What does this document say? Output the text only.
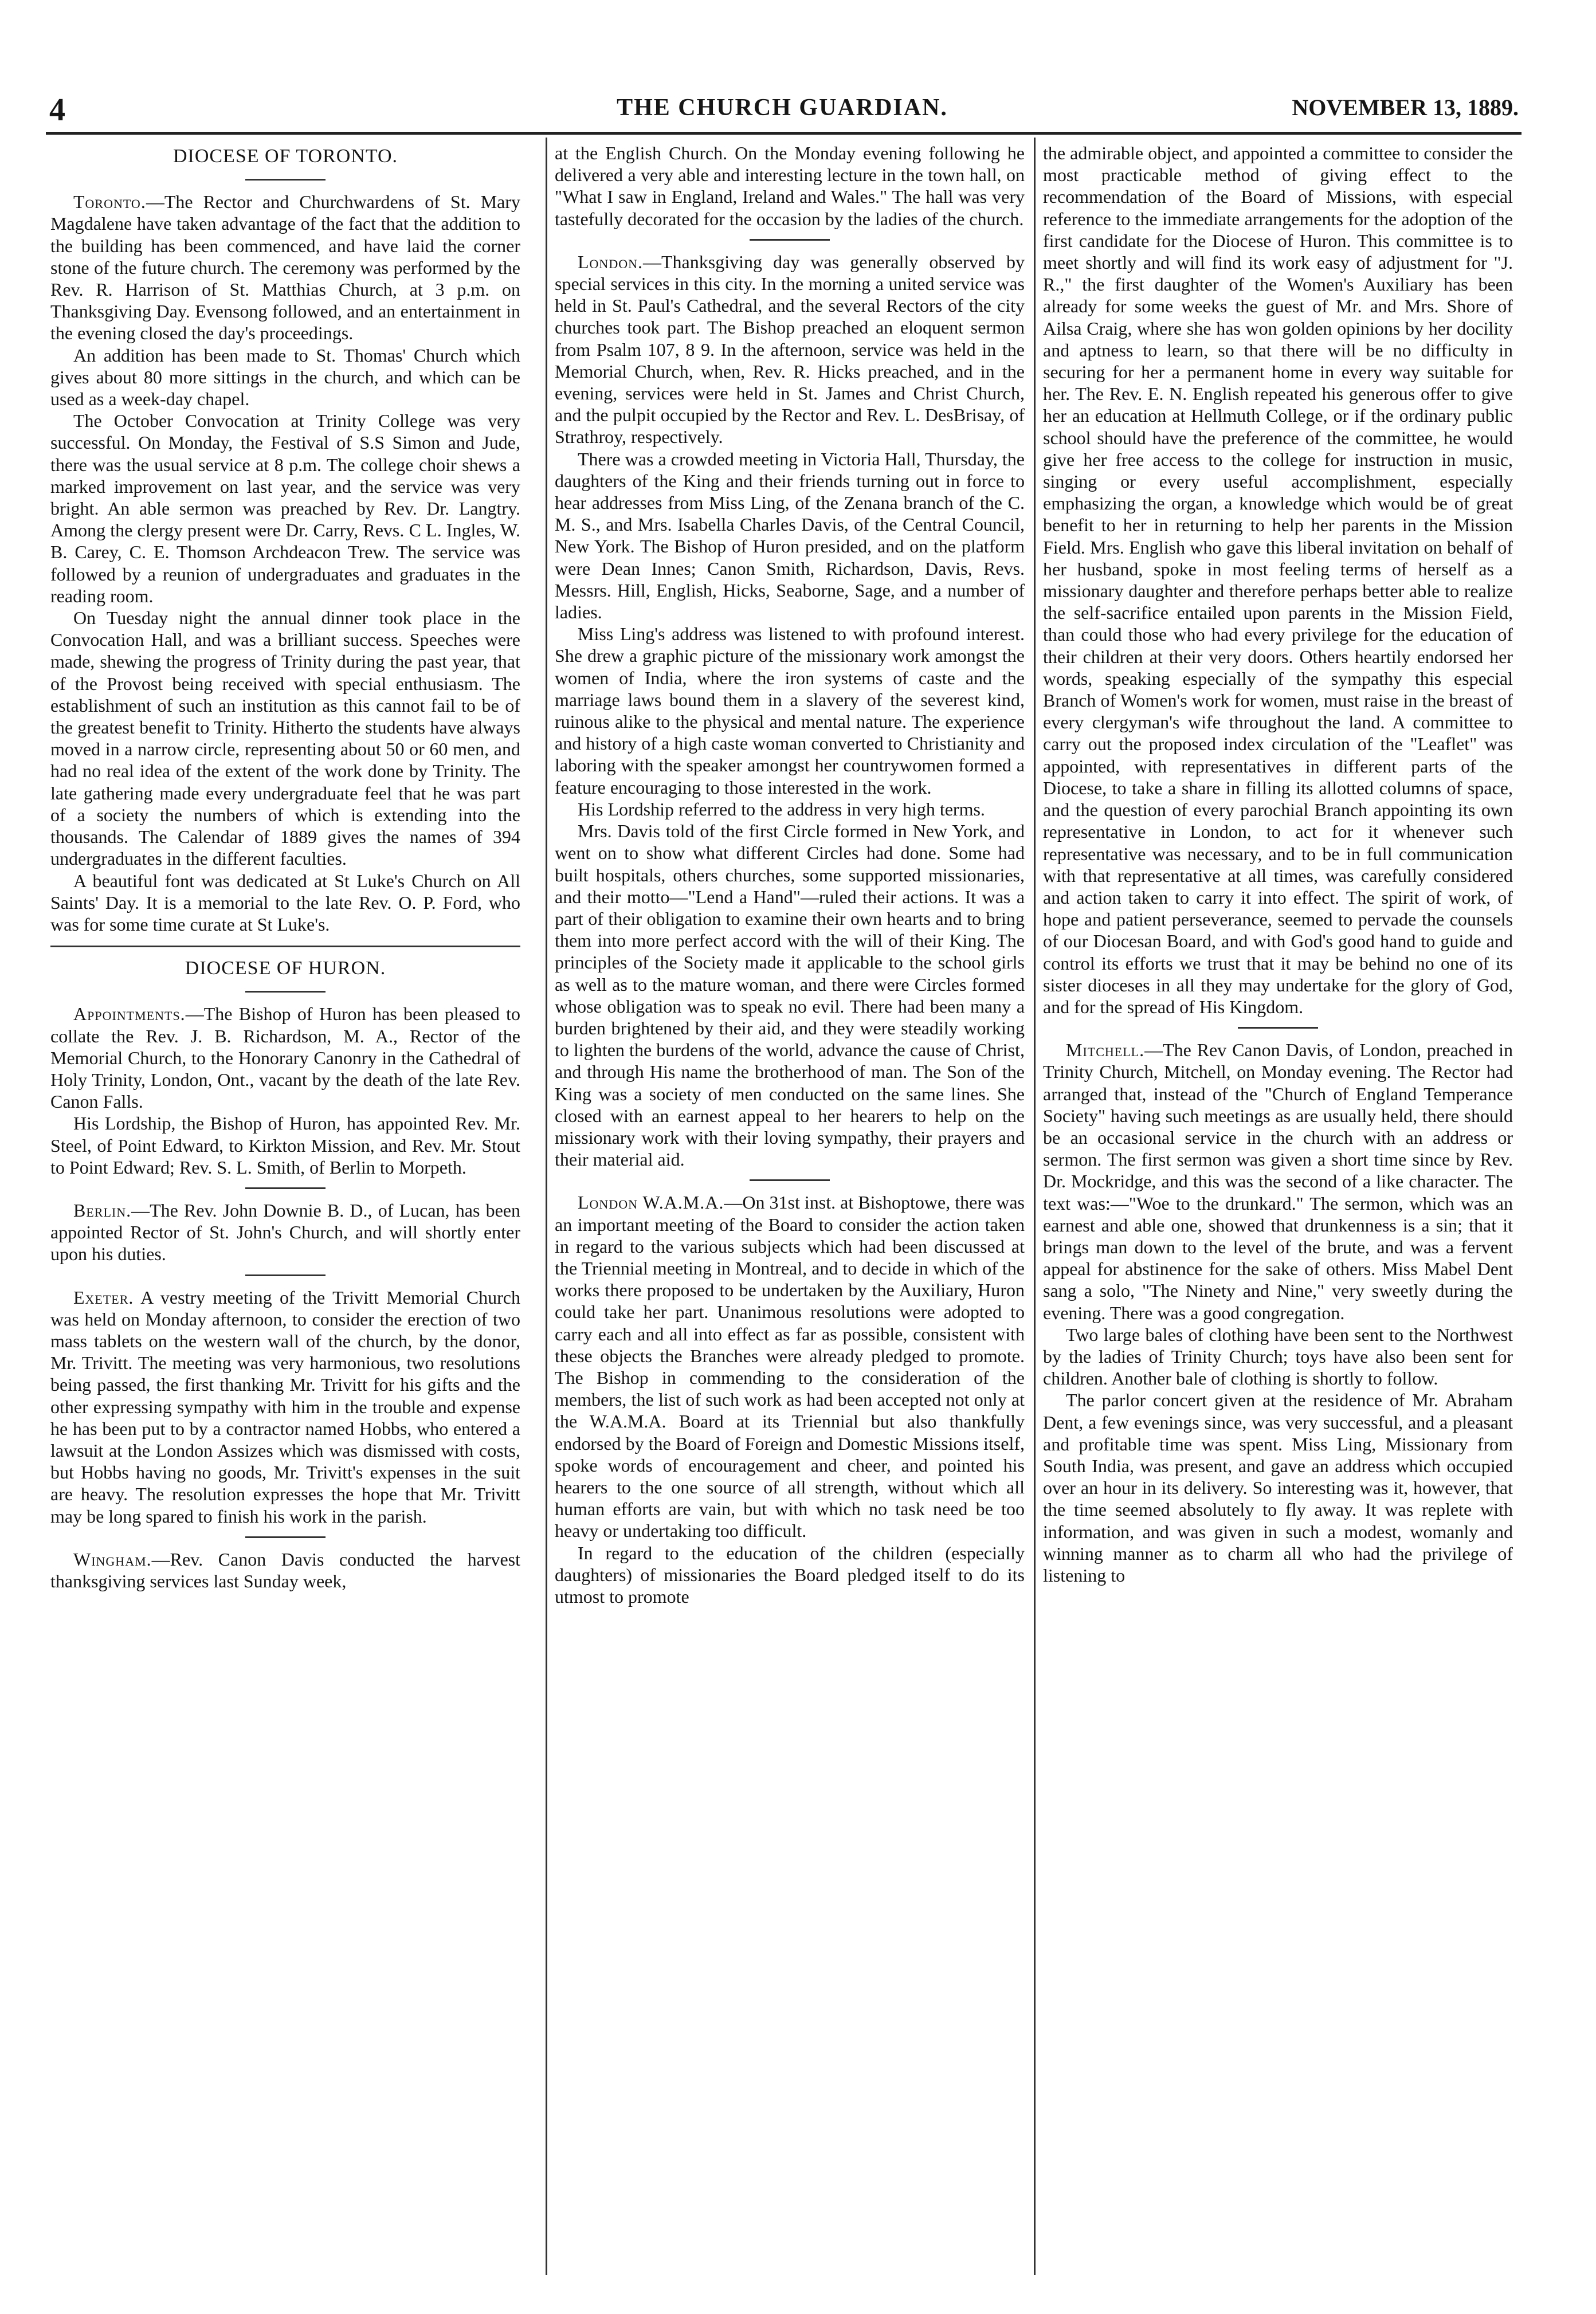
4	THE CHURCH GUARDIAN.	NOVEMBER 13, 1889.
DIOCESE OF TORONTO.

Toronto.—The Rector and Churchwardens of St. Mary Magdalene have taken advantage of the fact that the addition to the building has been commenced, and have laid the corner stone of the future church. The ceremony was performed by the Rev. R. Harrison of St. Matthias Church, at 3 p.m. on Thanksgiving Day. Evensong followed, and an entertainment in the evening closed the day's proceedings.

An addition has been made to St. Thomas' Church which gives about 80 more sittings in the church, and which can be used as a week-day chapel.

The October Convocation at Trinity College was very successful. On Monday, the Festival of S.S Simon and Jude, there was the usual service at 8 p.m. The college choir shews a marked improvement on last year, and the service was very bright. An able sermon was preached by Rev. Dr. Langtry. Among the clergy present were Dr. Carry, Revs. C L. Ingles, W. B. Carey, C. E. Thomson Archdeacon Trew. The service was followed by a reunion of undergraduates and graduates in the reading room.

On Tuesday night the annual dinner took place in the Convocation Hall, and was a brilliant success. Speeches were made, shewing the progress of Trinity during the past year, that of the Provost being received with special enthusiasm. The establishment of such an institution as this cannot fail to be of the greatest benefit to Trinity. Hitherto the students have always moved in a narrow circle, representing about 50 or 60 men, and had no real idea of the extent of the work done by Trinity. The late gathering made every undergraduate feel that he was part of a society the numbers of which is extending into the thousands. The Calendar of 1889 gives the names of 394 undergraduates in the different faculties.

A beautiful font was dedicated at St Luke's Church on All Saints' Day. It is a memorial to the late Rev. O. P. Ford, who was for some time curate at St Luke's.

DIOCESE OF HURON.

Appointments.—The Bishop of Huron has been pleased to collate the Rev. J. B. Richardson, M. A., Rector of the Memorial Church, to the Honorary Canonry in the Cathedral of Holy Trinity, London, Ont., vacant by the death of the late Rev. Canon Falls.

His Lordship, the Bishop of Huron, has appointed Rev. Mr. Steel, of Point Edward, to Kirkton Mission, and Rev. Mr. Stout to Point Edward; Rev. S. L. Smith, of Berlin to Morpeth.

Berlin.—The Rev. John Downie B. D., of Lucan, has been appointed Rector of St. John's Church, and will shortly enter upon his duties.

Exeter. A vestry meeting of the Trivitt Memorial Church was held on Monday afternoon, to consider the erection of two mass tablets on the western wall of the church, by the donor, Mr. Trivitt. The meeting was very harmonious, two resolutions being passed, the first thanking Mr. Trivitt for his gifts and the other expressing sympathy with him in the trouble and expense he has been put to by a contractor named Hobbs, who entered a lawsuit at the London Assizes which was dismissed with costs, but Hobbs having no goods, Mr. Trivitt's expenses in the suit are heavy. The resolution expresses the hope that Mr. Trivitt may be long spared to finish his work in the parish.

Wingham.—Rev. Canon Davis conducted the harvest thanksgiving services last Sunday week,

at the English Church. On the Monday evening following he delivered a very able and interesting lecture in the town hall, on "What I saw in England, Ireland and Wales." The hall was very tastefully decorated for the occasion by the ladies of the church.

London.—Thanksgiving day was generally observed by special services in this city. In the morning a united service was held in St. Paul's Cathedral, and the several Rectors of the city churches took part. The Bishop preached an eloquent sermon from Psalm 107, 8 9. In the afternoon, service was held in the Memorial Church, when, Rev. R. Hicks preached, and in the evening, services were held in St. James and Christ Church, and the pulpit occupied by the Rector and Rev. L. DesBrisay, of Strathroy, respectively.

There was a crowded meeting in Victoria Hall, Thursday, the daughters of the King and their friends turning out in force to hear addresses from Miss Ling, of the Zenana branch of the C. M. S., and Mrs. Isabella Charles Davis, of the Central Council, New York. The Bishop of Huron presided, and on the platform were Dean Innes; Canon Smith, Richardson, Davis, Revs. Messrs. Hill, English, Hicks, Seaborne, Sage, and a number of ladies.

Miss Ling's address was listened to with profound interest. She drew a graphic picture of the missionary work amongst the women of India, where the iron systems of caste and the marriage laws bound them in a slavery of the severest kind, ruinous alike to the physical and mental nature. The experience and history of a high caste woman converted to Christianity and laboring with the speaker amongst her countrywomen formed a feature encouraging to those interested in the work.

His Lordship referred to the address in very high terms.

Mrs. Davis told of the first Circle formed in New York, and went on to show what different Circles had done. Some had built hospitals, others churches, some supported missionaries, and their motto—"Lend a Hand"—ruled their actions. It was a part of their obligation to examine their own hearts and to bring them into more perfect accord with the will of their King. The principles of the Society made it applicable to the school girls as well as to the mature woman, and there were Circles formed whose obligation was to speak no evil. There had been many a burden brightened by their aid, and they were steadily working to lighten the burdens of the world, advance the cause of Christ, and through His name the brotherhood of man. The Son of the King was a society of men conducted on the same lines. She closed with an earnest appeal to her hearers to help on the missionary work with their loving sympathy, their prayers and their material aid.

London W.A.M.A.—On 31st inst. at Bishoptowe, there was an important meeting of the Board to consider the action taken in regard to the various subjects which had been discussed at the Triennial meeting in Montreal, and to decide in which of the works there proposed to be undertaken by the Auxiliary, Huron could take her part. Unanimous resolutions were adopted to carry each and all into effect as far as possible, consistent with these objects the Branches were already pledged to promote. The Bishop in commending to the consideration of the members, the list of such work as had been accepted not only at the W.A.M.A. Board at its Triennial but also thankfully endorsed by the Board of Foreign and Domestic Missions itself, spoke words of encouragement and cheer, and pointed his hearers to the one source of all strength, without which all human efforts are vain, but with which no task need be too heavy or undertaking too difficult.

In regard to the education of the children (especially daughters) of missionaries the Board pledged itself to do its utmost to promote

the admirable object, and appointed a committee to consider the most practicable method of giving effect to the recommendation of the Board of Missions, with especial reference to the immediate arrangements for the adoption of the first candidate for the Diocese of Huron. This committee is to meet shortly and will find its work easy of adjustment for "J. R.," the first daughter of the Women's Auxiliary has been already for some weeks the guest of Mr. and Mrs. Shore of Ailsa Craig, where she has won golden opinions by her docility and aptness to learn, so that there will be no difficulty in securing for her a permanent home in every way suitable for her. The Rev. E. N. English repeated his generous offer to give her an education at Hellmuth College, or if the ordinary public school should have the preference of the committee, he would give her free access to the college for instruction in music, singing or every useful accomplishment, especially emphasizing the organ, a knowledge which would be of great benefit to her in returning to help her parents in the Mission Field. Mrs. English who gave this liberal invitation on behalf of her husband, spoke in most feeling terms of herself as a missionary daughter and therefore perhaps better able to realize the self-sacrifice entailed upon parents in the Mission Field, than could those who had every privilege for the education of their children at their very doors. Others heartily endorsed her words, speaking especially of the sympathy this especial Branch of Women's work for women, must raise in the breast of every clergyman's wife throughout the land. A committee to carry out the proposed index circulation of the "Leaflet" was appointed, with representatives in different parts of the Diocese, to take a share in filling its allotted columns of space, and the question of every parochial Branch appointing its own representative in London, to act for it whenever such representative was necessary, and to be in full communication with that representative at all times, was carefully considered and action taken to carry it into effect. The spirit of work, of hope and patient perseverance, seemed to pervade the counsels of our Diocesan Board, and with God's good hand to guide and control its efforts we trust that it may be behind no one of its sister dioceses in all they may undertake for the glory of God, and for the spread of His Kingdom.

Mitchell.—The Rev Canon Davis, of London, preached in Trinity Church, Mitchell, on Monday evening. The Rector had arranged that, instead of the "Church of England Temperance Society" having such meetings as are usually held, there should be an occasional service in the church with an address or sermon. The first sermon was given a short time since by Rev. Dr. Mockridge, and this was the second of a like character. The text was:—"Woe to the drunkard." The sermon, which was an earnest and able one, showed that drunkenness is a sin; that it brings man down to the level of the brute, and was a fervent appeal for abstinence for the sake of others. Miss Mabel Dent sang a solo, "The Ninety and Nine," very sweetly during the evening. There was a good congregation.

Two large bales of clothing have been sent to the Northwest by the ladies of Trinity Church; toys have also been sent for children. Another bale of clothing is shortly to follow.

The parlor concert given at the residence of Mr. Abraham Dent, a few evenings since, was very successful, and a pleasant and profitable time was spent. Miss Ling, Missionary from South India, was present, and gave an address which occupied over an hour in its delivery. So interesting was it, however, that the time seemed absolutely to fly away. It was replete with information, and was given in such a modest, womanly and winning manner as to charm all who had the privilege of listening to
